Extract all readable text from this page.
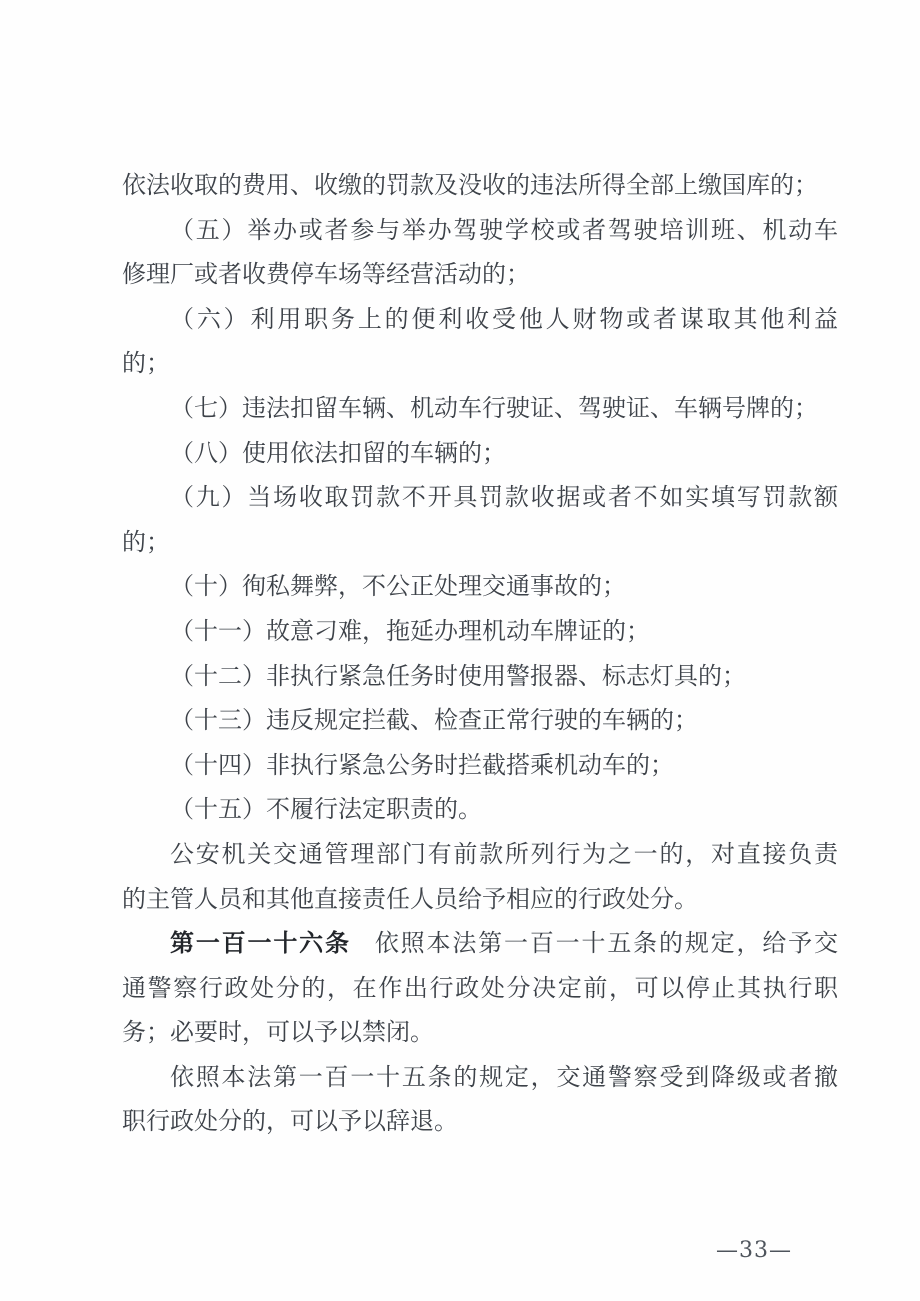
依法收取的费用、收缴的罚款及没收的违法所得全部上缴国库的；
（五）举办或者参与举办驾驶学校或者驾驶培训班、机动车
修理厂或者收费停车场等经营活动的；
（六）利用职务上的便利收受他人财物或者谋取其他利益
的；
（七）违法扣留车辆、机动车行驶证、驾驶证、车辆号牌的；
（八）使用依法扣留的车辆的；
（九）当场收取罚款不开具罚款收据或者不如实填写罚款额
的；
（十）徇私舞弊，不公正处理交通事故的；
（十一）故意刁难，拖延办理机动车牌证的；
（十二）非执行紧急任务时使用警报器、标志灯具的；
（十三）违反规定拦截、检查正常行驶的车辆的；
（十四）非执行紧急公务时拦截搭乘机动车的；
（十五）不履行法定职责的。
公安机关交通管理部门有前款所列行为之一的，对直接负责
的主管人员和其他直接责任人员给予相应的行政处分。
第一百一十六条 依照本法第一百一十五条的规定，给予交
通警察行政处分的，在作出行政处分决定前，可以停止其执行职
务；必要时，可以予以禁闭。
依照本法第一百一十五条的规定，交通警察受到降级或者撤
职行政处分的，可以予以辞退。
—33—
